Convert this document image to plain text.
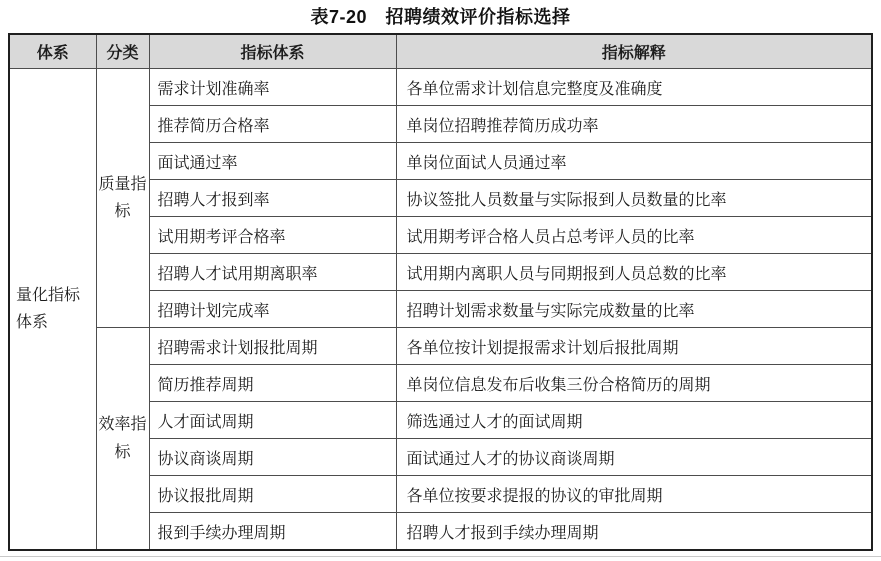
表7-20　招聘绩效评价指标选择
体系	分类	指标体系	指标解释
量化指标体系	质量指标	需求计划准确率	各单位需求计划信息完整度及准确度
		推荐简历合格率	单岗位招聘推荐简历成功率
		面试通过率	单岗位面试人员通过率
		招聘人才报到率	协议签批人员数量与实际报到人员数量的比率
		试用期考评合格率	试用期考评合格人员占总考评人员的比率
		招聘人才试用期离职率	试用期内离职人员与同期报到人员总数的比率
		招聘计划完成率	招聘计划需求数量与实际完成数量的比率
	效率指标	招聘需求计划报批周期	各单位按计划提报需求计划后报批周期
		简历推荐周期	单岗位信息发布后收集三份合格简历的周期
		人才面试周期	筛选通过人才的面试周期
		协议商谈周期	面试通过人才的协议商谈周期
		协议报批周期	各单位按要求提报的协议的审批周期
		报到手续办理周期	招聘人才报到手续办理周期
